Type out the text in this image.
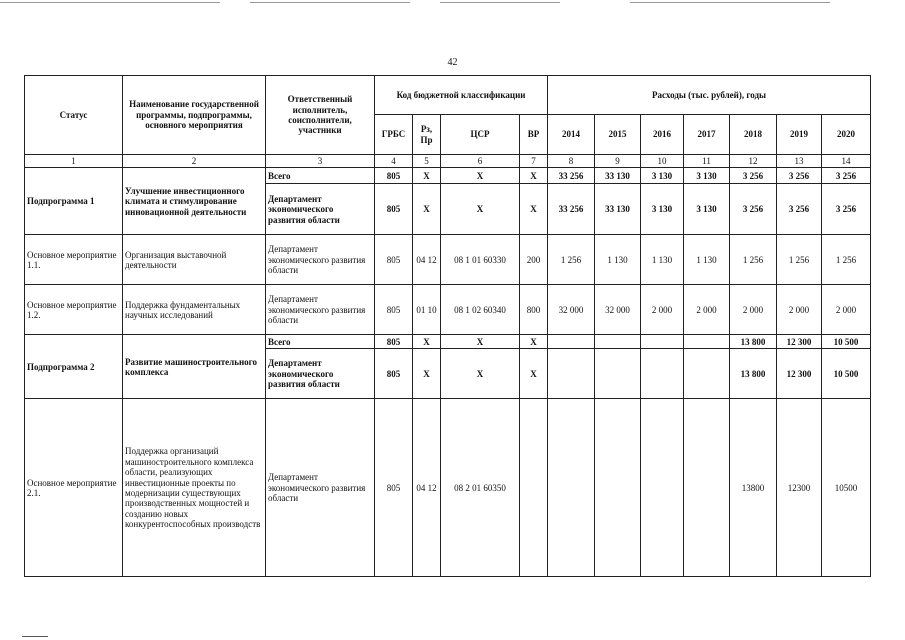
42
Статус	Наименование государственной программы, подпрограммы, основного мероприятия	Ответственный исполнитель, соисполнители, участники	Код бюджетной классификации				Расходы (тыс. рублей), годы						
			ГРБС	Рз, Пр	ЦСР	ВР	2014	2015	2016	2017	2018	2019	2020
1	2	3	4	5	6	7	8	9	10	11	12	13	14
Подпрограмма 1	Улучшение инвестиционного климата и стимулирование инновационной деятельности	Всего	805	X	X	X	33 256	33 130	3 130	3 130	3 256	3 256	3 256
		Департамент экономического развития области	805	X	X	X	33 256	33 130	3 130	3 130	3 256	3 256	3 256
Основное мероприятие 1.1.	Организация выставочной деятельности	Департамент экономического развития области	805	04 12	08 1 01 60330	200	1 256	1 130	1 130	1 130	1 256	1 256	1 256
Основное мероприятие 1.2.	Поддержка фундаментальных научных исследований	Департамент экономического развития области	805	01 10	08 1 02 60340	800	32 000	32 000	2 000	2 000	2 000	2 000	2 000
Подпрограмма 2	Развитие машиностроительного комплекса	Всего	805	X	X	X					13 800	12 300	10 500
		Департамент экономического развития области	805	X	X	X					13 800	12 300	10 500
Основное мероприятие 2.1.	Поддержка организаций машиностроительного комплекса области, реализующих инвестиционные проекты по модернизации существующих производственных мощностей и созданию новых конкурентоспособных производств	Департамент экономического развития области	805	04 12	08 2 01 60350						13800	12300	10500
